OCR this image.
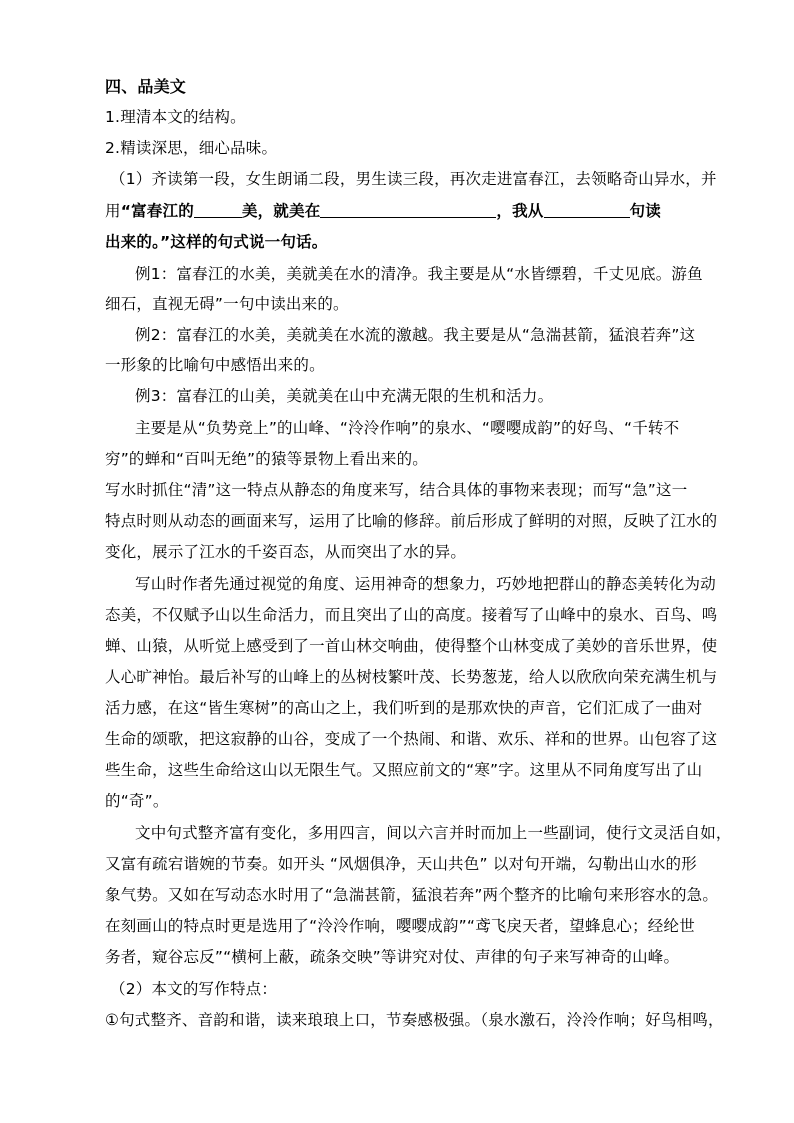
四、品美文
1.理清本文的结构。
2.精读深思，细心品味。
（1）齐读第一段，女生朗诵二段，男生读三段，再次走进富春江，去领略奇山异水，并
用“富春江的	美，就美在	，我从	句读
出来的。”这样的句式说一句话。
例1：富春江的水美，美就美在水的清净。我主要是从“水皆缥碧，千丈见底。游鱼
细石，直视无碍”一句中读出来的。
例2：富春江的水美，美就美在水流的激越。我主要是从“急湍甚箭，猛浪若奔”这
一形象的比喻句中感悟出来的。
例3：富春江的山美，美就美在山中充满无限的生机和活力。
主要是从“负势竞上”的山峰、“泠泠作响”的泉水、“嘤嘤成韵”的好鸟、“千转不
穷”的蝉和“百叫无绝”的猿等景物上看出来的。
写水时抓住“清”这一特点从静态的角度来写，结合具体的事物来表现；而写“急”这一
特点时则从动态的画面来写，运用了比喻的修辞。前后形成了鲜明的对照，反映了江水的
变化，展示了江水的千姿百态，从而突出了水的异。
写山时作者先通过视觉的角度、运用神奇的想象力，巧妙地把群山的静态美转化为动
态美，不仅赋予山以生命活力，而且突出了山的高度。接着写了山峰中的泉水、百鸟、鸣
蝉、山猿，从听觉上感受到了一首山林交响曲，使得整个山林变成了美妙的音乐世界，使
人心旷神怡。最后补写的山峰上的丛树枝繁叶茂、长势葱茏，给人以欣欣向荣充满生机与
活力感，在这“皆生寒树”的高山之上，我们听到的是那欢快的声音，它们汇成了一曲对
生命的颂歌，把这寂静的山谷，变成了一个热闹、和谐、欢乐、祥和的世界。山包容了这
些生命，这些生命给这山以无限生气。又照应前文的“寒”字。这里从不同角度写出了山
的“奇”。
文中句式整齐富有变化，多用四言，间以六言并时而加上一些副词，使行文灵活自如，
又富有疏宕谐婉的节奏。如开头 “风烟俱净，天山共色” 以对句开端，勾勒出山水的形
象气势。又如在写动态水时用了“急湍甚箭，猛浪若奔”两个整齐的比喻句来形容水的急。
在刻画山的特点时更是选用了“泠泠作响，嘤嘤成韵”“鸢飞戾天者，望蜂息心；经纶世
务者，窥谷忘反”“横柯上蔽，疏条交映”等讲究对仗、声律的句子来写神奇的山峰。
（2）本文的写作特点：
①句式整齐、音韵和谐，读来琅琅上口，节奏感极强。（泉水激石，泠泠作响；好鸟相鸣，
